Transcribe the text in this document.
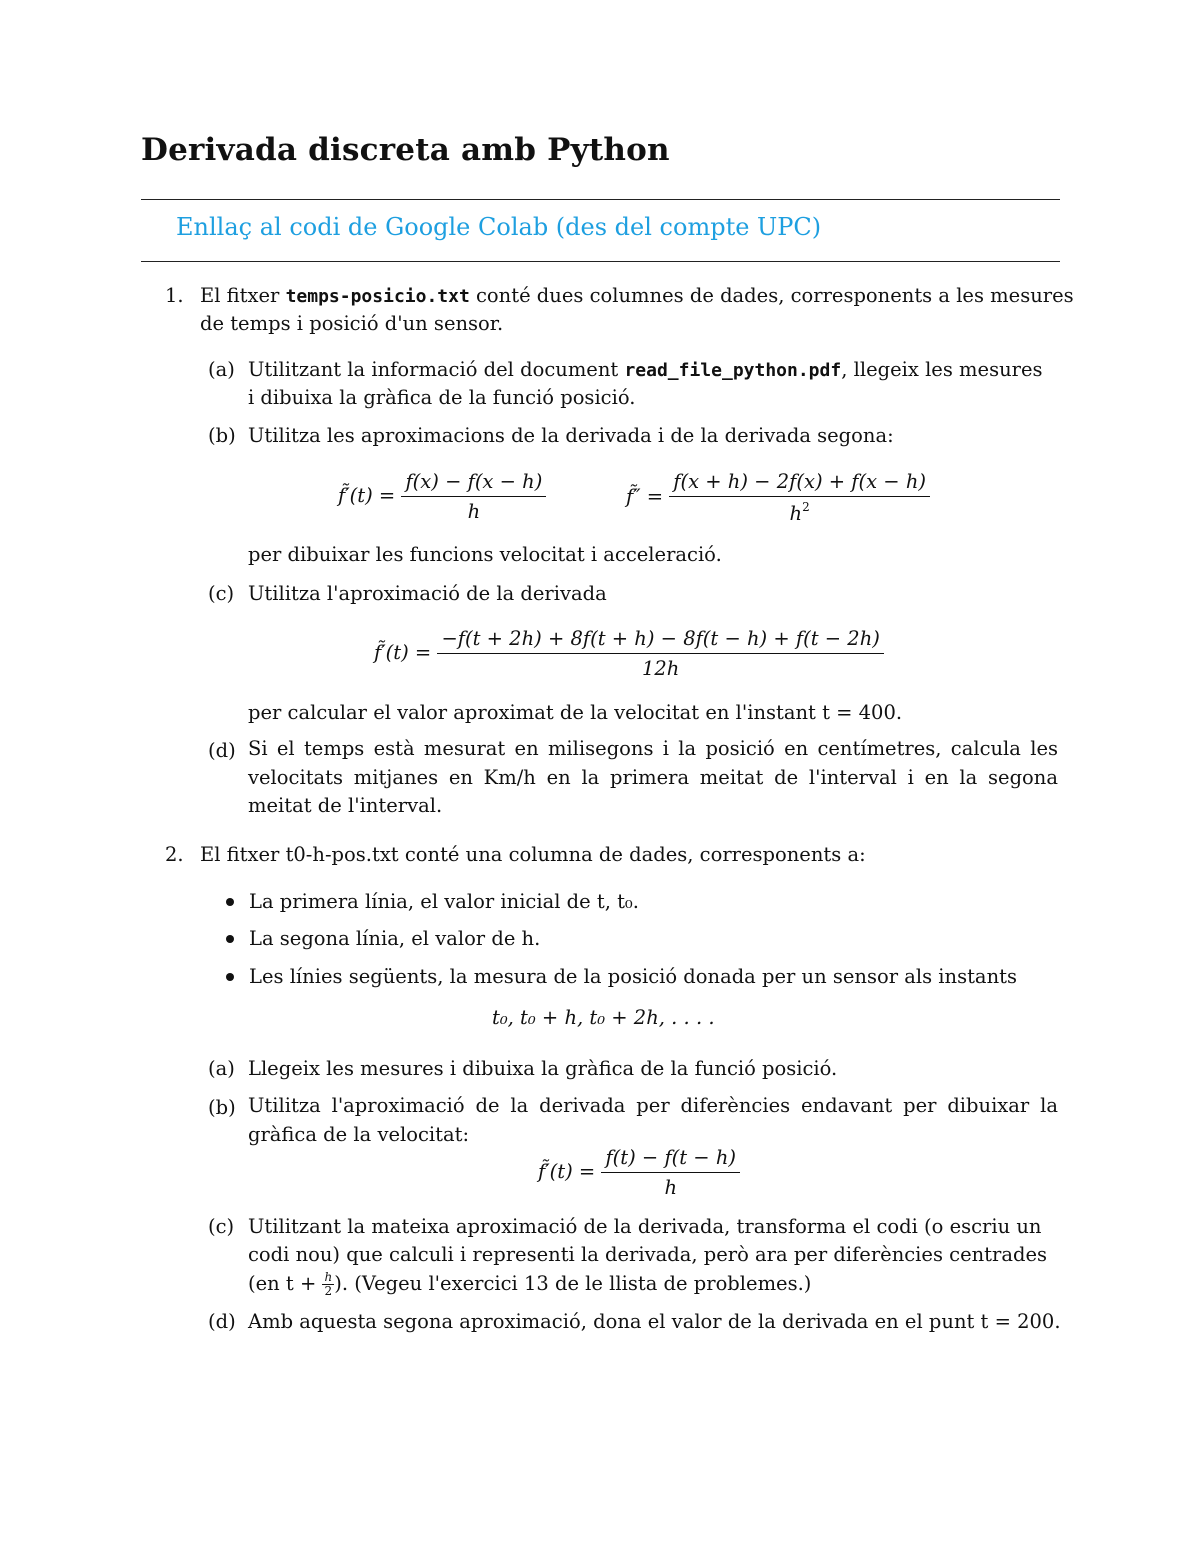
Derivada discreta amb Python
Enllaç al codi de Google Colab (des del compte UPC)
1. El fitxer temps-posicio.txt conté dues columnes de dades, corresponents a les mesures
de temps i posició d'un sensor.
(a) Utilitzant la informació del document read_file_python.pdf, llegeix les mesures
i dibuixa la gràfica de la funció posició.
(b) Utilitza les aproximacions de la derivada i de la derivada segona:
f̃′(t) = $\frac{f(x) - f(x - h)}{h}$	f̃″ = $\frac{f(x + h) - 2f(x) + f(x - h)}{h^2}$
per dibuixar les funcions velocitat i acceleració.
(c) Utilitza l'aproximació de la derivada
f̃′(t) = $\frac{-f(t + 2h) + 8f(t + h) - 8f(t - h) + f(t - 2h)}{12h}$
per calcular el valor aproximat de la velocitat en l'instant t = 400.
(d) Si el temps està mesurat en milisegons i la posició en centímetres, calcula les velocitats mitjanes en Km/h en la primera meitat de l'interval i en la segona meitat de l'interval.
2. El fitxer t0-h-pos.txt conté una columna de dades, corresponents a:
La primera línia, el valor inicial de t, t₀.
La segona línia, el valor de h.
Les línies següents, la mesura de la posició donada per un sensor als instants
t₀, t₀ + h, t₀ + 2h, . . . .
(a) Llegeix les mesures i dibuixa la gràfica de la funció posició.
(b) Utilitza l'aproximació de la derivada per diferències endavant per dibuixar la gràfica de la velocitat:
f̃′(t) = $\frac{f(t) - f(t - h)}{h}$
(c) Utilitzant la mateixa aproximació de la derivada, transforma el codi (o escriu un
codi nou) que calculi i representi la derivada, però ara per diferències centrades
(en $t + \frac{h}{2}$ ). (Vegeu l'exercici 13 de le llista de problemes.)
(d) Amb aquesta segona aproximació, dona el valor de la derivada en el punt t = 200.
